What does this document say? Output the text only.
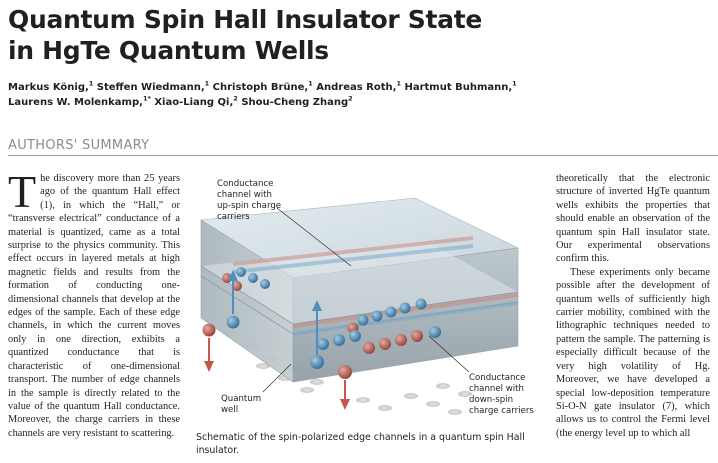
Quantum Spin Hall Insulator State
in HgTe Quantum Wells
Markus König,$^1$ Steffen Wiedmann,$^1$ Christoph Brüne,$^1$ Andreas Roth,$^1$ Hartmut Buhmann,$^1$
Laurens W. Molenkamp,$^{1*}$ Xiao-Liang Qi,$^2$ Shou-Cheng Zhang$^2$
AUTHORS' SUMMARY

The discovery more than 25 years ago of the quantum Hall effect (1), in which the “Hall,” or “transverse electrical” conductance of a material is quantized, came as a total surprise to the physics community. This effect occurs in layered metals at high magnetic fields and results from the formation of conducting one-dimensional channels that develop at the edges of the sample. Each of these edge channels, in which the current moves only in one direction, exhibits a quantized conductance that is characteristic of one-dimensional transport. The number of edge channels in the sample is directly related to the value of the quantum Hall conductance. Moreover, the charge carriers in these channels are very resistant to scattering.

Conductance
channel with
up-spin charge
carriers
Quantum
well
Conductance
channel with
down-spin
charge carriers
Schematic of the spin-polarized edge channels in a quantum spin Hall insulator.

theoretically that the electronic structure of inverted HgTe quantum wells exhibits the properties that should enable an observation of the quantum spin Hall insulator state. Our experimental observations confirm this.

These experiments only became possible after the development of quantum wells of sufficiently high carrier mobility, combined with the lithographic techniques needed to pattern the sample. The patterning is especially difficult because of the very high volatility of Hg. Moreover, we have developed a special low-deposition temperature Si-O-N gate insulator (7), which allows us to control the Fermi level (the energy level up to which all
